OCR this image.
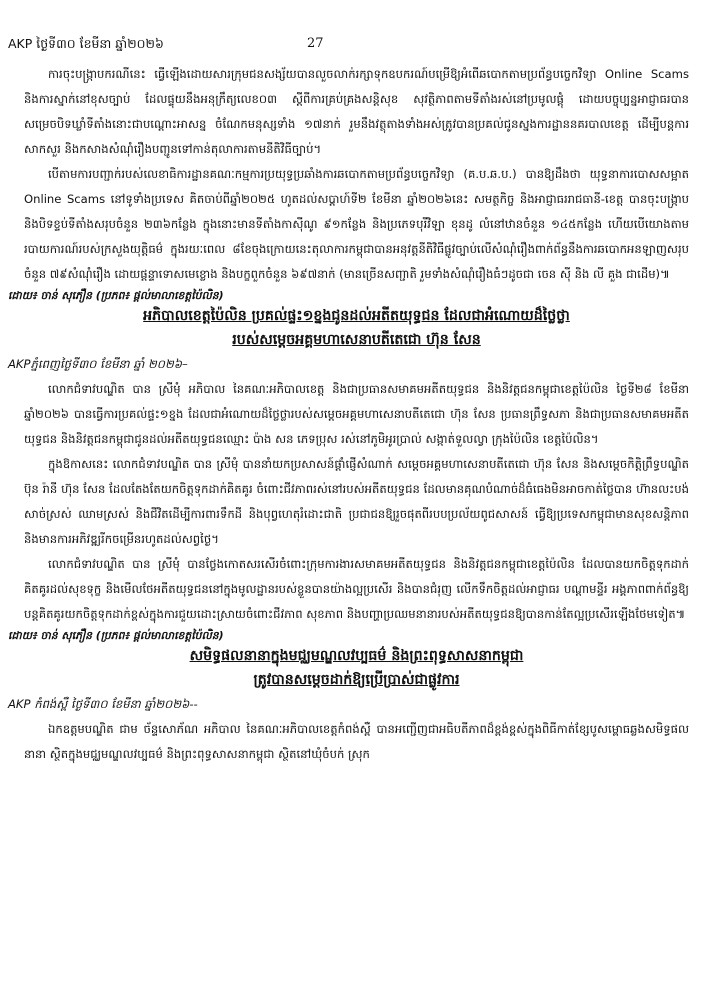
AKP ថ្ងៃទី៣០ ខែមីនា ឆ្នាំ២០២៦	27

ការចុះបង្ក្រាបករណីនេះ ធ្វើឡើងដោយសារក្រុមជនសង្ស័យបានលួចលាក់រក្សាទុកឧបករណ៍បម្រើឱ្យអំពើឆបោកតាមប្រព័ន្ធបច្ចេកវិទ្យា Online Scams និងការស្នាក់នៅខុសច្បាប់ ដែលផ្ទុយនឹងអនុក្រឹត្យលេខ០៣ ស្តីពីការគ្រប់គ្រងសន្តិសុខ សុវត្ថិភាពតាមទីតាំងរស់នៅប្រមូលផ្តុំ ដោយបច្ចុប្បន្នអាជ្ញាធរបានសម្រេចបិទឃ្លាំទីតាំងនោះជាបណ្តោះអាសន្ន ចំណែកមនុស្សទាំង ១៧នាក់ រួមនឹងវត្ថុតាងទាំងអស់ត្រូវបានប្រគល់ជូនស្នងការដ្ឋាននគរបាលខេត្ត ដើម្បីបន្តការសាកសួរ និងកសាងសំណុំរឿងបញ្ជូនទៅកាន់តុលាការតាមនីតិវិធីច្បាប់។

បើតាមការបញ្ជាក់របស់លេខាធិការដ្ឋានគណៈកម្មការប្រយុទ្ធប្រឆាំងការឆបោកតាមប្រព័ន្ធបច្ចេកវិទ្យា (គ.ប.ឆ.ប.) បានឱ្យដឹងថា យុទ្ធនាការបោសសម្អាត Online Scams នៅទូទាំងប្រទេស គិតចាប់ពីឆ្នាំ២០២៥ ហូតដល់សប្តាហ៍ទី២ ខែមីនា ឆ្នាំ២០២៦នេះ សមត្ថកិច្ច និងអាជ្ញាធររាជធានី-ខេត្ត បានចុះបង្ក្រាប និងបិទខ្ទប់ទីតាំងសរុបចំនួន ២៣៦កន្លែង ក្នុងនោះមានទីតាំងកាស៊ីណូ ៩១កន្លែង និងប្រភេទបុរីវិឡា ខុនដូ លំនៅឋានចំនួន ១៤៥កន្លែង ហើយបើយោងតាមរបាយការណ៍របស់ក្រសួងយុត្តិធម៌ ក្នុងរយៈពេល ៨ខែចុងក្រោយនេះតុលាការកម្ពុជាបានអនុវត្តនីតិវិធីផ្លូវច្បាប់លើសំណុំរឿងពាក់ព័ន្ធនឹងការឆបោកអនឡាញសរុបចំនួន ៧៩សំណុំរឿង ដោយផ្តន្ទាទោសមេខ្លោង និងបក្ខពួកចំនួន ៦៩៧នាក់ (មានច្រើនសញ្ជាតិ រួមទាំងសំណុំរឿងធំៗដូចជា ចេន ស៊ី និង លី គួង ជាដើម)៕

ដោយ៖ ចាន់ សុភឿន (ប្រភព៖ ផ្តល់មាលាខេត្តប៉ៃលិន)

អភិបាលខេត្តប៉ៃលិន ប្រគល់ផ្ទះ១ខ្នងជូនដល់អតីតយុទ្ធជន ដែលជាអំណោយដ៏ថ្លៃថ្លា
របស់សម្តេចអគ្គមហាសេនាបតីតេជោ ហ៊ុន សែន

AKPភ្នំពេញថ្ងៃទី៣០ ខែមីនា ឆ្នាំ ២០២៦–

លោកជំទាវបណ្ឌិត បាន ស្រីមុំ អភិបាល នៃគណៈអភិបាលខេត្ត និងជាប្រធានសមាគមអតីតយុទ្ធជន និងនិវត្តជនកម្ពុជាខេត្តប៉ៃលិន ថ្ងៃទី២៨ ខែមីនា ឆ្នាំ២០២៦ បានធ្វើការប្រគល់ផ្ទះ១ខ្នង ដែលជាអំណោយដ៏ថ្លៃថ្លារបស់សម្តេចអគ្គមហាសេនាបតីតេជោ ហ៊ុន សែន ប្រធានព្រឹទ្ធសភា និងជាប្រធានសមាគមអតីតយុទ្ធជន និងនិវត្តជនកម្ពុជាជូនដល់អតីតយុទ្ធជនឈ្មោះ ប៉ាង សន ភេទប្រុស រស់នៅភូមិអូរប្រាល់ សង្កាត់ទួលល្វា ក្រុងប៉ៃលិន ខេត្តប៉ៃលិន។

ក្នុងឱកាសនេះ លោកជំទាវបណ្ឌិត បាន ស្រីមុំ បាននាំយកប្រសាសន៍ផ្តាំផ្ញើសំណាក់ សម្តេចអគ្គមហាសេនាបតីតេជោ ហ៊ុន សែន និងសម្តេចកិត្តិព្រឹទ្ធបណ្ឌិត ប៊ុន រ៉ានី ហ៊ុន សែន ដែលតែងតែយកចិត្តទុកដាក់គិតគូរ ចំពោះជីវភាពរស់នៅរបស់អតីតយុទ្ធជន ដែលមានគុណបំណាច់ដ៏ធំធេងមិនអាចកាត់ថ្លៃបាន ហ៊ានលះបង់សាច់ស្រស់ ឈាមស្រស់ និងជីវិតដើម្បីការពារទឹកដី និងបុព្វហេតុរំដោះជាតិ ប្រជាជនឱ្យរួចផុតពីរបបប្រល័យពូជសាសន៍ ធ្វើឱ្យប្រទេសកម្ពុជាមានសុខសន្តិភាព និងមានការអភិវឌ្ឍរីកចម្រើនរហូតដល់សព្វថ្ងៃ។

លោកជំទាវបណ្ឌិត បាន ស្រីមុំ បានថ្លែងកោតសរសើរចំពោះក្រុមការងារសមាគមអតីតយុទ្ធជន និងនិវត្តជនកម្ពុជាខេត្តប៉ៃលិន ដែលបានយកចិត្តទុកដាក់គិតគូរដល់សុខទុក្ខ និងមើលថែអតីតយុទ្ធជននៅក្នុងមូលដ្ឋានរបស់ខ្លួនបានយ៉ាងល្អប្រសើរ និងបានជំរុញ លើកទឹកចិត្តដល់អាជ្ញាធរ បណ្តាមន្ទីរ អង្គភាពពាក់ព័ន្ធឱ្យបន្តគិតគូរយកចិត្តទុកដាក់ខ្ពស់ក្នុងការជួយដោះស្រាយចំពោះជីវភាព សុខភាព និងបញ្ហាប្រឈមនានារបស់អតីតយុទ្ធជនឱ្យបានកាន់តែល្អប្រសើរឡើងថែមទៀត៕

ដោយ៖ ចាន់ សុភឿន (ប្រភព៖ ផ្តល់មាលាខេត្តប៉ៃលិន)

សមិទ្ធផលនានាក្នុងមជ្ឈមណ្ឌលវប្បធម៌ និងព្រះពុទ្ធសាសនាកម្ពុជា
ត្រូវបានសម្តេចដាក់ឱ្យប្រើប្រាស់ជាផ្លូវការ

AKP កំពង់ស្ពឺ ថ្ងៃទី៣០ ខែមីនា ឆ្នាំ២០២៦--

ឯកឧត្តមបណ្ឌិត ជាម ច័ន្ទសោភ័ណ អភិបាល នៃគណៈអភិបាលខេត្តកំពង់ស្ពឺ បានអញ្ជើញជាអធិបតីភាពដ៏ខ្ពង់ខ្ពស់ក្នុងពិធីកាត់ខ្សែបូសម្ពោធឆ្លងសមិទ្ធផលនានា ស្ថិតក្នុងមជ្ឈមណ្ឌលវប្បធម៌ និងព្រះពុទ្ធសាសនាកម្ពុជា ស្ថិតនៅឃុំចំបក់ ស្រុក
